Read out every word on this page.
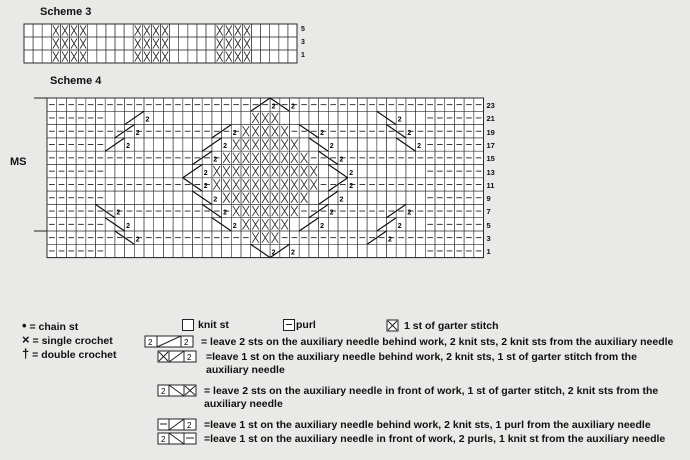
Scheme 3
Scheme 4
MS
2
2
2
2
2
2
2
2
2
2
2
2
2
2
2
2
2
2
2
2
2
2
2
2
2
2
2
2
2 2
2 2
5
3
1
23
21
19
17
15
13
11
9
7
5
3
1
• = chain st
× = single crochet
† = double crochet
knit st	purl	1 st of garter stitch
2	2 = leave 2 sts on the auxiliary needle behind work, 2 knit sts, 2 knit sts from the auxiliary needle
2 =leave 1 st on the auxiliary needle behind work, 2 knit sts, 1 st of garter stitch from the auxiliary needle
2	= leave 2 sts on the auxiliary needle in front of work, 1 st of garter stitch, 2 knit sts from the auxiliary needle
2 =leave 1 st on the auxiliary needle behind work, 2 knit sts, 1 purl from the auxiliary needle
2	=leave 1 st on the auxiliary needle in front of work, 2 purls, 1 knit st from the auxiliary needle
